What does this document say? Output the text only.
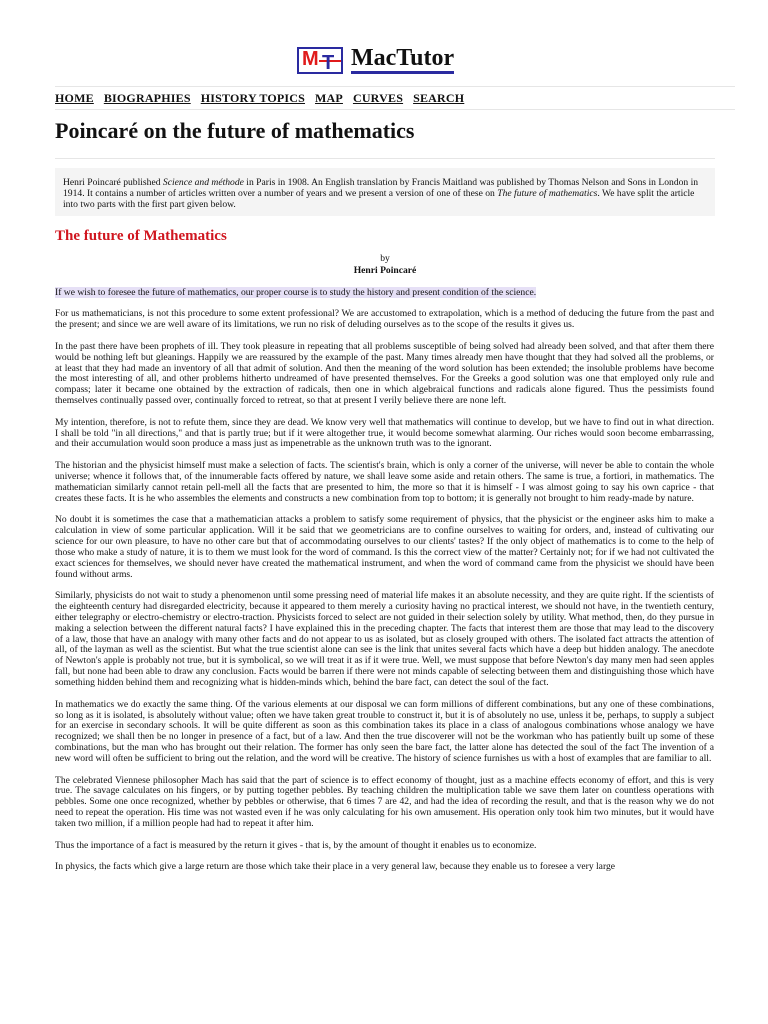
M T MacTutor
HOME BIOGRAPHIES HISTORY TOPICS MAP CURVES SEARCH
Poincaré on the future of mathematics
Henri Poincaré published Science and méthode in Paris in 1908. An English translation by Francis Maitland was published by Thomas Nelson and Sons in London in 1914. It contains a number of articles written over a number of years and we present a version of one of these on The future of mathematics. We have split the article into two parts with the first part given below.
The future of Mathematics
by
Henri Poincaré

If we wish to foresee the future of mathematics, our proper course is to study the history and present condition of the science.

For us mathematicians, is not this procedure to some extent professional? We are accustomed to extrapolation, which is a method of deducing the future from the past and the present; and since we are well aware of its limitations, we run no risk of deluding ourselves as to the scope of the results it gives us.

In the past there have been prophets of ill. They took pleasure in repeating that all problems susceptible of being solved had already been solved, and that after them there would be nothing left but gleanings. Happily we are reassured by the example of the past. Many times already men have thought that they had solved all the problems, or at least that they had made an inventory of all that admit of solution. And then the meaning of the word solution has been extended; the insoluble problems have become the most interesting of all, and other problems hitherto undreamed of have presented themselves. For the Greeks a good solution was one that employed only rule and compass; later it became one obtained by the extraction of radicals, then one in which algebraical functions and radicals alone figured. Thus the pessimists found themselves continually passed over, continually forced to retreat, so that at present I verily believe there are none left.

My intention, therefore, is not to refute them, since they are dead. We know very well that mathematics will continue to develop, but we have to find out in what direction. I shall be told "in all directions," and that is partly true; but if it were altogether true, it would become somewhat alarming. Our riches would soon become embarrassing, and their accumulation would soon produce a mass just as impenetrable as the unknown truth was to the ignorant.

The historian and the physicist himself must make a selection of facts. The scientist's brain, which is only a corner of the universe, will never be able to contain the whole universe; whence it follows that, of the innumerable facts offered by nature, we shall leave some aside and retain others. The same is true, a fortiori, in mathematics. The mathematician similarly cannot retain pell-mell all the facts that are presented to him, the more so that it is himself - I was almost going to say his own caprice - that creates these facts. It is he who assembles the elements and constructs a new combination from top to bottom; it is generally not brought to him ready-made by nature.

No doubt it is sometimes the case that a mathematician attacks a problem to satisfy some requirement of physics, that the physicist or the engineer asks him to make a calculation in view of some particular application. Will it be said that we geometricians are to confine ourselves to waiting for orders, and, instead of cultivating our science for our own pleasure, to have no other care but that of accommodating ourselves to our clients' tastes? If the only object of mathematics is to come to the help of those who make a study of nature, it is to them we must look for the word of command. Is this the correct view of the matter? Certainly not; for if we had not cultivated the exact sciences for themselves, we should never have created the mathematical instrument, and when the word of command came from the physicist we should have been found without arms.

Similarly, physicists do not wait to study a phenomenon until some pressing need of material life makes it an absolute necessity, and they are quite right. If the scientists of the eighteenth century had disregarded electricity, because it appeared to them merely a curiosity having no practical interest, we should not have, in the twentieth century, either telegraphy or electro-chemistry or electro-traction. Physicists forced to select are not guided in their selection solely by utility. What method, then, do they pursue in making a selection between the different natural facts? I have explained this in the preceding chapter. The facts that interest them are those that may lead to the discovery of a law, those that have an analogy with many other facts and do not appear to us as isolated, but as closely grouped with others. The isolated fact attracts the attention of all, of the layman as well as the scientist. But what the true scientist alone can see is the link that unites several facts which have a deep but hidden analogy. The anecdote of Newton's apple is probably not true, but it is symbolical, so we will treat it as if it were true. Well, we must suppose that before Newton's day many men had seen apples fall, but none had been able to draw any conclusion. Facts would be barren if there were not minds capable of selecting between them and distinguishing those which have something hidden behind them and recognizing what is hidden-minds which, behind the bare fact, can detect the soul of the fact.

In mathematics we do exactly the same thing. Of the various elements at our disposal we can form millions of different combinations, but any one of these combinations, so long as it is isolated, is absolutely without value; often we have taken great trouble to construct it, but it is of absolutely no use, unless it be, perhaps, to supply a subject for an exercise in secondary schools. It will be quite different as soon as this combination takes its place in a class of analogous combinations whose analogy we have recognized; we shall then be no longer in presence of a fact, but of a law. And then the true discoverer will not be the workman who has patiently built up some of these combinations, but the man who has brought out their relation. The former has only seen the bare fact, the latter alone has detected the soul of the fact The invention of a new word will often be sufficient to bring out the relation, and the word will be creative. The history of science furnishes us with a host of examples that are familiar to all.

The celebrated Viennese philosopher Mach has said that the part of science is to effect economy of thought, just as a machine effects economy of effort, and this is very true. The savage calculates on his fingers, or by putting together pebbles. By teaching children the multiplication table we save them later on countless operations with pebbles. Some one once recognized, whether by pebbles or otherwise, that 6 times 7 are 42, and had the idea of recording the result, and that is the reason why we do not need to repeat the operation. His time was not wasted even if he was only calculating for his own amusement. His operation only took him two minutes, but it would have taken two million, if a million people had had to repeat it after him.

Thus the importance of a fact is measured by the return it gives - that is, by the amount of thought it enables us to economize.

In physics, the facts which give a large return are those which take their place in a very general law, because they enable us to foresee a very large
